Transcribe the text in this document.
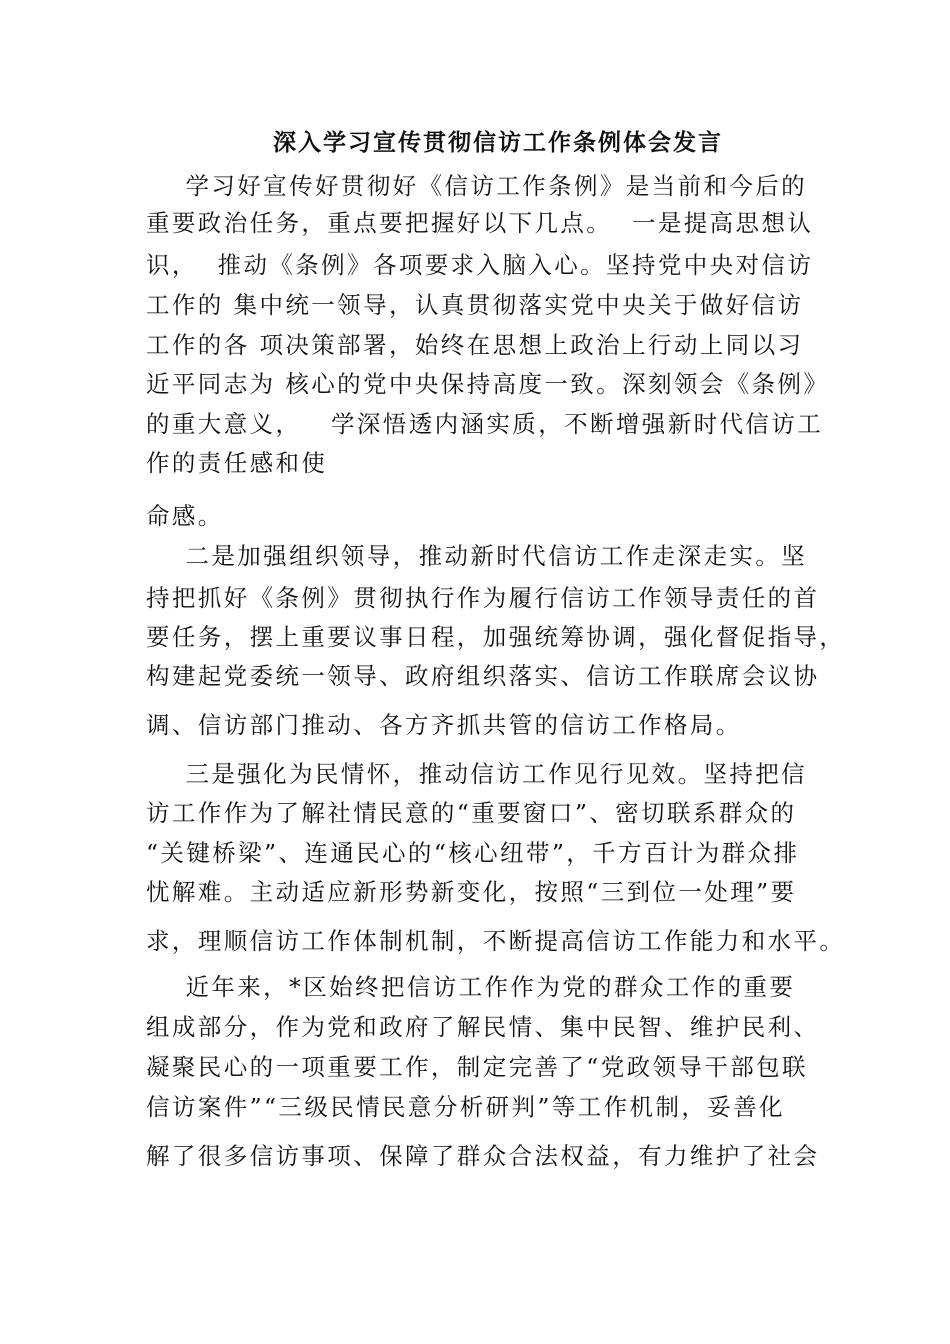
深入学习宣传贯彻信访工作条例体会发言
学习好宣传好贯彻好《信访工作条例》是当前和今后的
重要政治任务，重点要把握好以下几点。  一是提高思想认
识，  推动《条例》各项要求入脑入心。坚持党中央对信访
工作的 集中统一领导，认真贯彻落实党中央关于做好信访
工作的各 项决策部署，始终在思想上政治上行动上同以习
近平同志为 核心的党中央保持高度一致。深刻领会《条例》
的重大意义，   学深悟透内涵实质，不断增强新时代信访工
作的责任感和使
命感。
二是加强组织领导，推动新时代信访工作走深走实。坚
持把抓好《条例》贯彻执行作为履行信访工作领导责任的首
要任务，摆上重要议事日程，加强统筹协调，强化督促指导，
构建起党委统一领导、政府组织落实、信访工作联席会议协
调、信访部门推动、各方齐抓共管的信访工作格局。
三是强化为民情怀，推动信访工作见行见效。坚持把信
访工作作为了解社情民意的“重要窗口”、密切联系群众的
“关键桥梁”、连通民心的“核心纽带”，千方百计为群众排
忧解难。主动适应新形势新变化，按照“三到位一处理”要
求，理顺信访工作体制机制，不断提高信访工作能力和水平。
近年来，*区始终把信访工作作为党的群众工作的重要
组成部分，作为党和政府了解民情、集中民智、维护民利、
凝聚民心的一项重要工作，制定完善了“党政领导干部包联
信访案件”“三级民情民意分析研判”等工作机制，妥善化
解了很多信访事项、保障了群众合法权益，有力维护了社会
